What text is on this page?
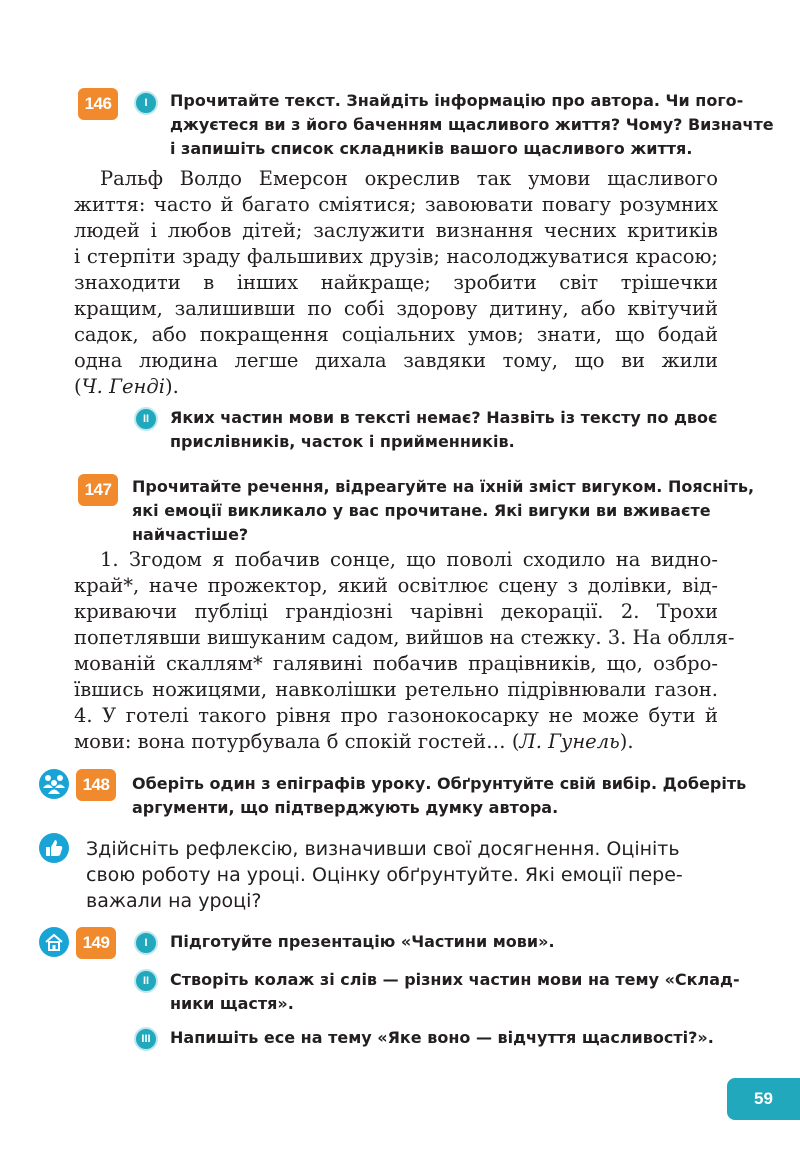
146	I Прочитайте текст. Знайдіть інформацію про автора. Чи пого-
джуєтеся ви з його баченням щасливого життя? Чому? Визначте
і запишіть список складників вашого щасливого життя.
Ральф Волдо Емерсон окреслив так умови щасливого
життя: часто й багато сміятися; завоювати повагу розумних
людей і любов дітей; заслужити визнання чесних критиків
і стерпіти зраду фальшивих друзів; насолоджуватися красою;
знаходити в інших найкраще; зробити світ трішечки
кращим, залишивши по собі здорову дитину, або квітучий
садок, або покращення соціальних умов; знати, що бодай
одна людина легше дихала завдяки тому, що ви жили
(Ч. Генді).
II Яких частин мови в тексті немає? Назвіть із тексту по двоє
прислівників, часток і прийменників.
147 Прочитайте речення, відреагуйте на їхній зміст вигуком. Поясніть,
які емоції викликало у вас прочитане. Які вигуки ви вживаєте
найчастіше?
1. Згодом я побачив сонце, що поволі сходило на видно-
край*, наче прожектор, який освітлює сцену з долівки, від-
криваючи публіці грандіозні чарівні декорації. 2. Трохи
попетлявши вишуканим садом, вийшов на стежку. 3. На облля-
мованій скаллям* галявині побачив працівників, що, озбро-
ївшись ножицями, навколішки ретельно підрівнювали газон.
4. У готелі такого рівня про газонокосарку не може бути й
мови: вона потурбувала б спокій гостей… (Л. Гунель).
148 Оберіть один з епіграфів уроку. Обґрунтуйте свій вибір. Доберіть
аргументи, що підтверджують думку автора.
Здійсніть рефлексію, визначивши свої досягнення. Оцініть
свою роботу на уроці. Оцінку обґрунтуйте. Які емоції пере-
важали на уроці?
149	I Підготуйте презентацію «Частини мови».
II Створіть колаж зі слів — різних частин мови на тему «Склад-
ники щастя».
III Напишіть есе на тему «Яке воно — відчуття щасливості?».
59
